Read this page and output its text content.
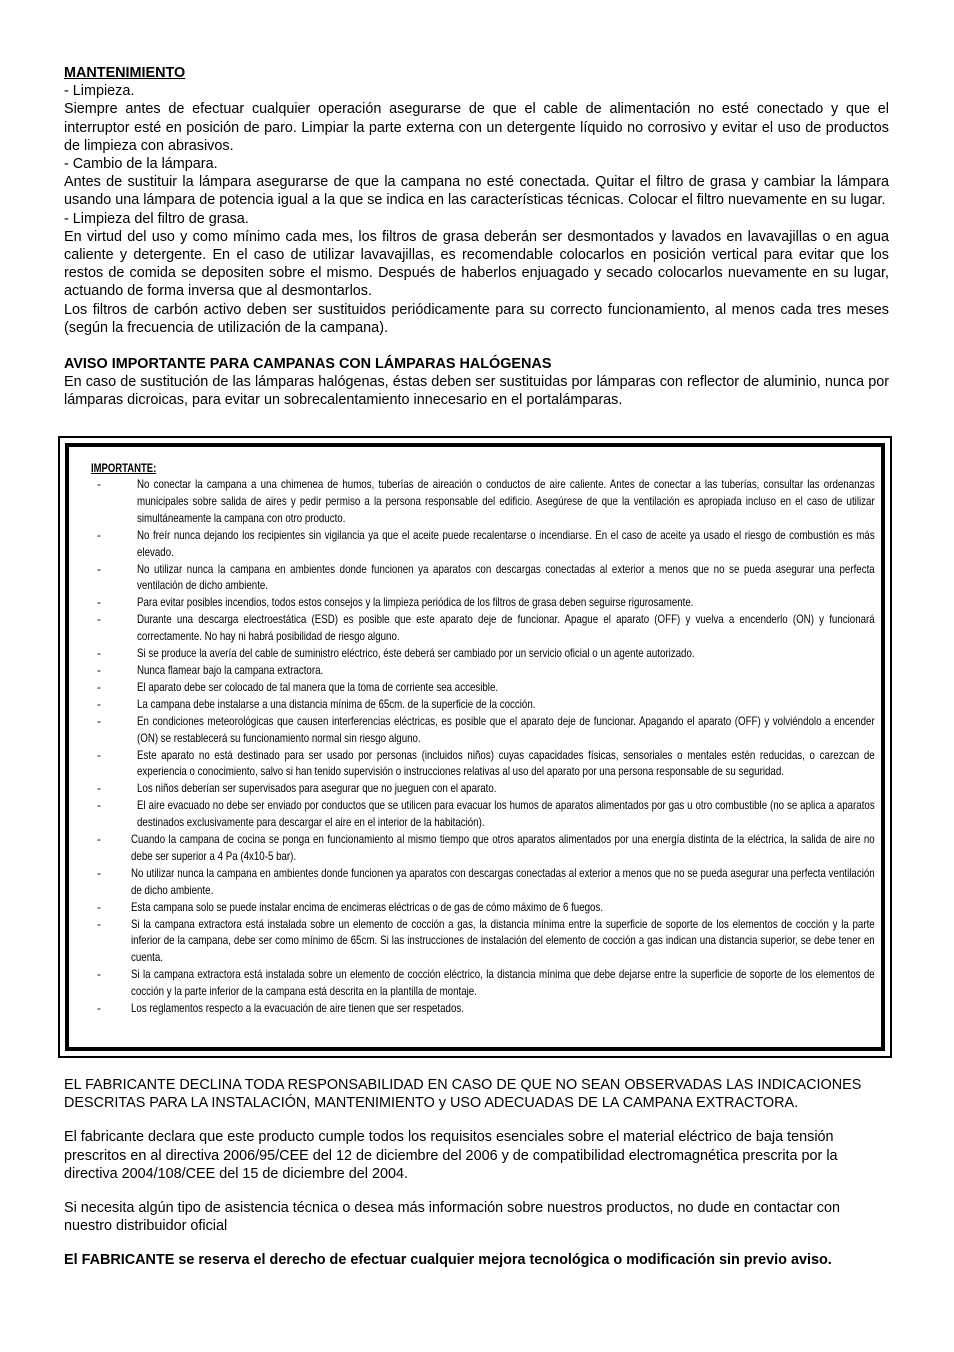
MANTENIMIENTO

- Limpieza.

Siempre antes de efectuar cualquier operación asegurarse de que el cable de alimentación no esté conectado y que el interruptor esté en posición de paro. Limpiar la parte externa con un detergente líquido no corrosivo y evitar el uso de productos de limpieza con abrasivos.

- Cambio de la lámpara.

Antes de sustituir la lámpara asegurarse de que la campana no esté conectada. Quitar el filtro de grasa y cambiar la lámpara usando una lámpara de potencia igual a la que se indica en las características técnicas. Colocar el filtro nuevamente en su lugar.

- Limpieza del filtro de grasa.

En virtud del uso y como mínimo cada mes, los filtros de grasa deberán ser desmontados y lavados en lavavajillas o en agua caliente y detergente. En el caso de utilizar lavavajillas, es recomendable colocarlos en posición vertical para evitar que los restos de comida se depositen sobre el mismo. Después de haberlos enjuagado y secado colocarlos nuevamente en su lugar, actuando de forma inversa que al desmontarlos.

Los filtros de carbón activo deben ser sustituidos periódicamente para su correcto funcionamiento, al menos cada tres meses (según la frecuencia de utilización de la campana).

AVISO IMPORTANTE PARA CAMPANAS CON LÁMPARAS HALÓGENAS

En caso de sustitución de las lámparas halógenas, éstas deben ser sustituidas por lámparas con reflector de aluminio, nunca por lámparas dicroicas, para evitar un sobrecalentamiento innecesario en el portalámparas.

IMPORTANTE:
-	No conectar la campana a una chimenea de humos, tuberías de aireación o conductos de aire caliente. Antes de conectar a las tuberías, consultar las ordenanzas municipales sobre salida de aires y pedir permiso a la persona responsable del edificio. Asegúrese de que la ventilación es apropiada incluso en el caso de utilizar simultáneamente la campana con otro producto.
-	No freír nunca dejando los recipientes sin vigilancia ya que el aceite puede recalentarse o incendiarse. En el caso de aceite ya usado el riesgo de combustión es más elevado.
-	No utilizar nunca la campana en ambientes donde funcionen ya aparatos con descargas conectadas al exterior a menos que no se pueda asegurar una perfecta ventilación de dicho ambiente.
-	Para evitar posibles incendios, todos estos consejos y la limpieza periódica de los filtros de grasa deben seguirse rigurosamente.
-	Durante una descarga electroestática (ESD) es posible que este aparato deje de funcionar. Apague el aparato (OFF) y vuelva a encenderlo (ON) y funcionará correctamente. No hay ni habrá posibilidad de riesgo alguno.
-	Si se produce la avería del cable de suministro eléctrico, éste deberá ser cambiado por un servicio oficial o un agente autorizado.
-	Nunca flamear bajo la campana extractora.
-	El aparato debe ser colocado de tal manera que la toma de corriente sea accesible.
-	La campana debe instalarse a una distancia mínima de 65cm. de la superficie de la cocción.
-	En condiciones meteorológicas que causen interferencias eléctricas, es posible que el aparato deje de funcionar. Apagando el aparato (OFF) y volviéndolo a encender (ON) se restablecerá su funcionamiento normal sin riesgo alguno.
-	Este aparato no está destinado para ser usado por personas (incluidos niños) cuyas capacidades físicas, sensoriales o mentales estén reducidas, o carezcan de experiencia o conocimiento, salvo si han tenido supervisión o instrucciones relativas al uso del aparato por una persona responsable de su seguridad.
-	Los niños deberían ser supervisados para asegurar que no jueguen con el aparato.
-	El aire evacuado no debe ser enviado por conductos que se utilicen para evacuar los humos de aparatos alimentados por gas u otro combustible (no se aplica a aparatos destinados exclusivamente para descargar el aire en el interior de la habitación).
-	Cuando la campana de cocina se ponga en funcionamiento al mismo tiempo que otros aparatos alimentados por una energía distinta de la eléctrica, la salida de aire no debe ser superior a 4 Pa (4x10-5 bar).
-	No utilizar nunca la campana en ambientes donde funcionen ya aparatos con descargas conectadas al exterior a menos que no se pueda asegurar una perfecta ventilación de dicho ambiente.
-	Esta campana solo se puede instalar encima de encimeras eléctricas o de gas de cómo máximo de 6 fuegos.
-	Si la campana extractora está instalada sobre un elemento de cocción a gas, la distancia mínima entre la superficie de soporte de los elementos de cocción y la parte inferior de la campana, debe ser como mínimo de 65cm. Si las instrucciones de instalación del elemento de cocción a gas indican una distancia superior, se debe tener en cuenta.
-	Si la campana extractora está instalada sobre un elemento de cocción eléctrico, la distancia mínima que debe dejarse entre la superficie de soporte de los elementos de cocción y la parte inferior de la campana está descrita en la plantilla de montaje.
-	Los reglamentos respecto a la evacuación de aire tienen que ser respetados.

EL FABRICANTE DECLINA TODA RESPONSABILIDAD EN CASO DE QUE NO SEAN OBSERVADAS LAS INDICACIONES DESCRITAS PARA LA INSTALACIÓN, MANTENIMIENTO y USO ADECUADAS DE LA CAMPANA EXTRACTORA.

El fabricante declara que este producto cumple todos los requisitos esenciales sobre el material eléctrico de baja tensión prescritos en al directiva 2006/95/CEE del 12 de diciembre del 2006 y de compatibilidad electromagnética prescrita por la directiva 2004/108/CEE del 15 de diciembre del 2004.

Si necesita algún tipo de asistencia técnica o desea más información sobre nuestros productos, no dude en contactar con nuestro distribuidor oficial

El FABRICANTE se reserva el derecho de efectuar cualquier mejora tecnológica o modificación sin previo aviso.
